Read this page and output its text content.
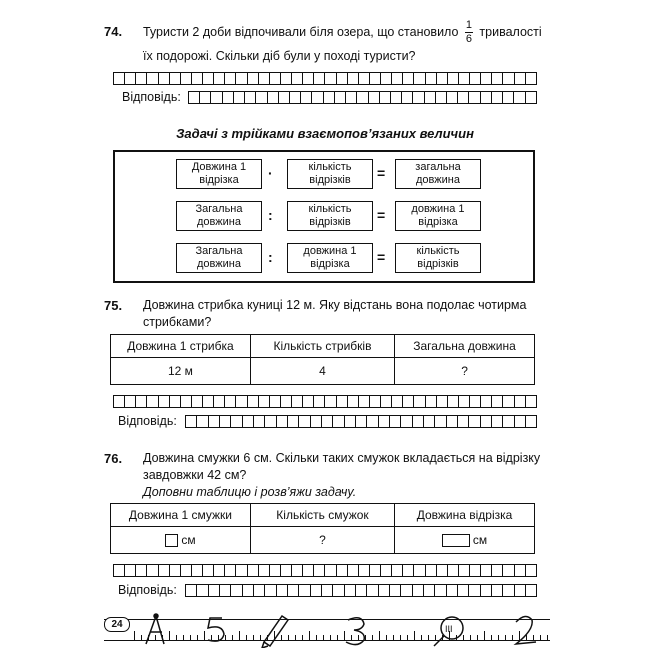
74. Туристи 2 доби відпочивали біля озера, що становило $\frac{1}{6}$ тривалості
їх подорожі. Скільки діб були у поході туристи?
Відповідь:
Задачі з трійками взаємопов’язаних величин
Довжина 1 відрізка	·	кількість відрізків	=	загальна довжина
Загальна довжина	:	кількість відрізків	=	довжина 1 відрізка
Загальна довжина	:	довжина 1 відрізка	=	кількість відрізків
75. Довжина стрибка куниці 12 м. Яку відстань вона подолає чотирма
стрибками?
Довжина 1 стрибка	Кількість стрибків	Загальна довжина
12 м	4	?
Відповідь:
76. Довжина смужки 6 см. Скільки таких смужок вкладається на відрізку
завдовжки 42 см?
Доповни таблицю і розв’яжи задачу.
Довжина 1 смужки	Кількість смужок	Довжина відрізка
см	?	см
Відповідь:
24	III
